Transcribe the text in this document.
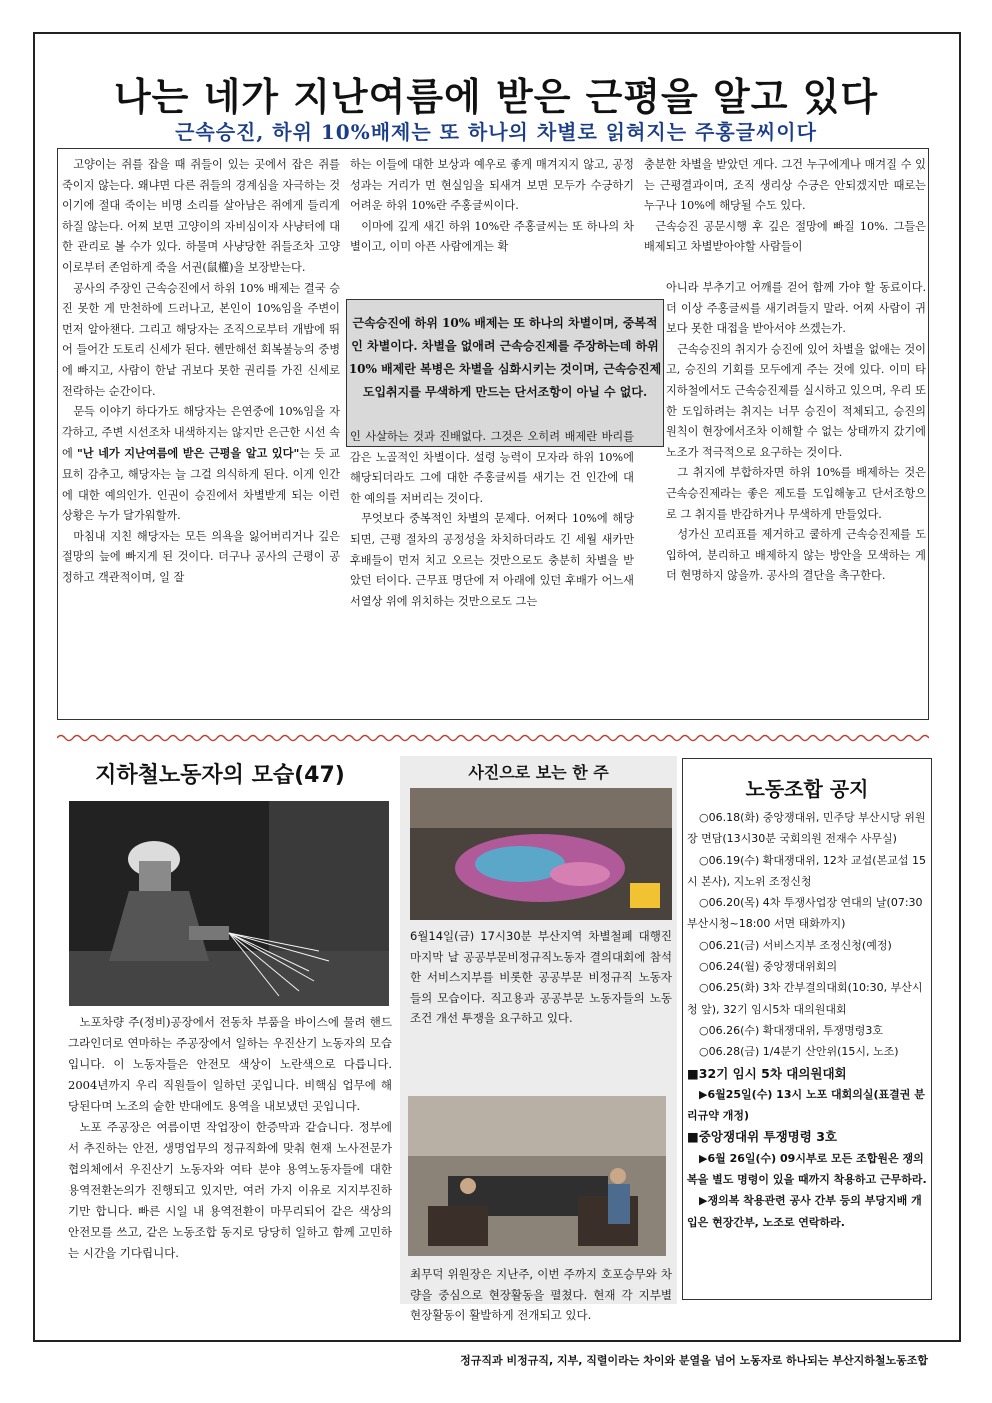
나는 네가 지난여름에 받은 근평을 알고 있다
근속승진, 하위 10%배제는 또 하나의 차별로 읽혀지는 주홍글씨이다

고양이는 쥐를 잡을 때 쥐들이 있는 곳에서 잡은 쥐를 죽이지 않는다. 왜냐면 다른 쥐들의 경계심을 자극하는 것이기에 절대 죽이는 비명 소리를 살아남은 쥐에게 들리게 하질 않는다. 어찌 보면 고양이의 자비심이자 사냥터에 대한 관리로 볼 수가 있다. 하물며 사냥당한 쥐들조차 고양이로부터 존엄하게 죽을 서권(鼠權)을 보장받는다.

공사의 주장인 근속승진에서 하위 10% 배제는 결국 승진 못한 게 만천하에 드러나고, 본인이 10%임을 주변이 먼저 알아챈다. 그리고 해당자는 조직으로부터 개밥에 뛰어 들어간 도토리 신세가 된다. 헨만해선 회복불능의 중병에 빠지고, 사람이 한낱 귀보다 못한 권리를 가진 신세로 전락하는 순간이다.

문득 이야기 하다가도 해당자는 은연중에 10%임을 자각하고, 주변 시선조차 내색하지는 않지만 은근한 시선 속에 "난 네가 지난여름에 받은 근평을 알고 있다"는 듯 교묘히 감추고, 해당자는 늘 그걸 의식하게 된다. 이게 인간에 대한 예의인가. 인권이 승진에서 차별받게 되는 이런 상황은 누가 달가워할까.

마침내 지친 해당자는 모든 의욕을 잃어버리거나 깊은 절망의 늪에 빠지게 된 것이다. 더구나 공사의 근평이 공정하고 객관적이며, 일 잘

하는 이들에 대한 보상과 예우로 좋게 매겨지지 않고, 공정성과는 거리가 먼 현실임을 되새겨 보면 모두가 수긍하기 어려운 하위 10%란 주홍글씨이다.

이마에 깊게 새긴 하위 10%란 주홍글씨는 또 하나의 차별이고, 이미 아픈 사람에게는 확

근속승진에 하위 10% 배제는 또 하나의 차별이며, 중복적인 차별이다. 차별을 없애려 근속승진제를 주장하는데 하위 10% 배제란 복병은 차별을 심화시키는 것이며, 근속승진제 도입취지를 무색하게 만드는 단서조항이 아닐 수 없다.

인 사살하는 것과 진배없다. 그것은 오히려 배제란 바리를 감은 노골적인 차별이다. 설령 능력이 모자라 하위 10%에 해당되더라도 그에 대한 주홍글씨를 새기는 건 인간에 대한 예의를 저버리는 것이다.

무엇보다 중복적인 차별의 문제다. 어쩌다 10%에 해당되면, 근평 절차의 공정성을 차치하더라도 긴 세월 새카만 후배들이 먼저 치고 오르는 것만으로도 충분히 차별을 받았던 터이다. 근무표 명단에 저 아래에 있던 후배가 어느새 서열상 위에 위치하는 것만으로도 그는

충분한 차별을 받았던 게다. 그건 누구에게나 매겨질 수 있는 근평결과이며, 조직 생리상 수긍은 안되겠지만 때로는 누구나 10%에 해당될 수도 있다.

근속승진 공문시행 후 깊은 절망에 빠질 10%. 그들은 배제되고 차별받아야할 사람들이

아니라 부추기고 어깨를 걷어 함께 가야 할 동료이다. 더 이상 주홍글씨를 새기려들지 말라. 어찌 사람이 귀보다 못한 대접을 받아서야 쓰겠는가.

근속승진의 취지가 승진에 있어 차별을 없애는 것이고, 승진의 기회를 모두에게 주는 것에 있다. 이미 타 지하철에서도 근속승진제를 실시하고 있으며, 우리 또한 도입하려는 취지는 너무 승진이 적체되고, 승진의 원칙이 현장에서조차 이해할 수 없는 상태까지 갔기에 노조가 적극적으로 요구하는 것이다.

그 취지에 부합하자면 하위 10%를 배제하는 것은 근속승진제라는 좋은 제도를 도입해놓고 단서조항으로 그 취지를 반감하거나 무색하게 만들었다.

성가신 꼬리표를 제거하고 쿨하게 근속승진제를 도입하여, 분리하고 배제하지 않는 방안을 모색하는 게 더 현명하지 않을까. 공사의 결단을 촉구한다.

지하철노동자의 모습(47)

노포차량 주(정비)공장에서 전동차 부품을 바이스에 물려 핸드 그라인더로 연마하는 주공장에서 일하는 우진산기 노동자의 모습입니다. 이 노동자들은 안전모 색상이 노란색으로 다릅니다. 2004년까지 우리 직원들이 일하던 곳입니다. 비핵심 업무에 해당된다며 노조의 숱한 반대에도 용역을 내보냈던 곳입니다.

노포 주공장은 여름이면 작업장이 한증막과 같습니다. 정부에서 추진하는 안전, 생명업무의 정규직화에 맞춰 현재 노사전문가협의체에서 우진산기 노동자와 여타 분야 용역노동자들에 대한 용역전환논의가 진행되고 있지만, 여러 가지 이유로 지지부진하기만 합니다. 빠른 시일 내 용역전환이 마무리되어 같은 색상의 안전모를 쓰고, 같은 노동조합 동지로 당당히 일하고 함께 고민하는 시간을 기다립니다.

사진으로 보는 한 주
6월14일(금) 17시30분 부산지역 차별철폐 대행진 마지막 날 공공부문비정규직노동자 결의대회에 참석한 서비스지부를 비롯한 공공부문 비정규직 노동자들의 모습이다. 직고용과 공공부문 노동자들의 노동조건 개선 투쟁을 요구하고 있다.
최무덕 위원장은 지난주, 이번 주까지 호포승무와 차량을 중심으로 현장활동을 펼쳤다. 현재 각 지부별 현장활동이 활발하게 전개되고 있다.
노동조합 공지
○06.18(화) 중앙쟁대위, 민주당 부산시당 위원장 면담(13시30분 국회의원 전재수 사무실)
○06.19(수) 확대쟁대위, 12차 교섭(본교섭 15시 본사), 지노위 조정신청
○06.20(목) 4차 투쟁사업장 연대의 날(07:30 부산시청~18:00 서면 태화까지)
○06.21(금) 서비스지부 조정신청(예정)
○06.24(월) 중앙쟁대위회의
○06.25(화) 3차 간부결의대회(10:30, 부산시청 앞), 32기 임시5차 대의원대회
○06.26(수) 확대쟁대위, 투쟁명령3호
○06.28(금) 1/4분기 산안위(15시, 노조)
■32기 임시 5차 대의원대회
▶6월25일(수) 13시 노포 대회의실(표결권 분리규약 개정)
■중앙쟁대위 투쟁명령 3호
▶6월 26일(수) 09시부로 모든 조합원은 쟁의복을 별도 명령이 있을 때까지 착용하고 근무하라.
▶쟁의복 착용관련 공사 간부 등의 부당지배 개입은 현장간부, 노조로 연락하라.
정규직과 비정규직, 지부, 직렬이라는 차이와 분열을 넘어 노동자로 하나되는 부산지하철노동조합
